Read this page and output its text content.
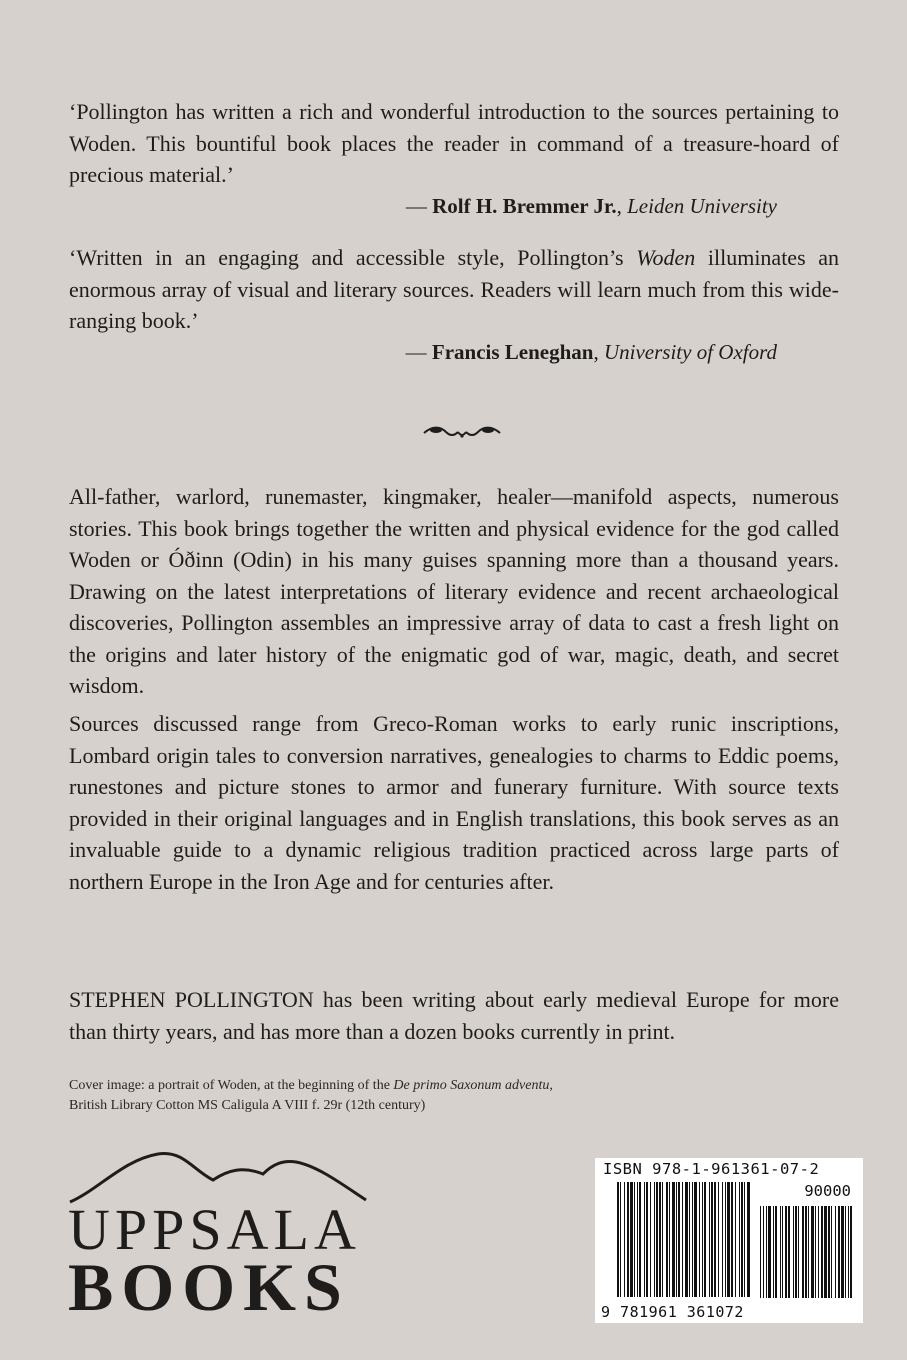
‘Pollington has written a rich and wonderful introduction to the sources pertaining to Woden. This bountiful book places the reader in command of a treasure-hoard of precious material.’

— Rolf H. Bremmer Jr., Leiden University

‘Written in an engaging and accessible style, Pollington’s Woden illuminates an enormous array of visual and literary sources. Readers will learn much from this wide-ranging book.’

— Francis Leneghan, University of Oxford

All-father, warlord, runemaster, kingmaker, healer—manifold aspects, numerous stories. This book brings together the written and physical evidence for the god called Woden or Óðinn (Odin) in his many guises spanning more than a thousand years. Drawing on the latest interpretations of literary evidence and recent archaeological discoveries, Pollington assembles an impressive array of data to cast a fresh light on the origins and later history of the enigmatic god of war, magic, death, and secret wisdom.

Sources discussed range from Greco-Roman works to early runic inscriptions, Lombard origin tales to conversion narratives, genealogies to charms to Eddic poems, runestones and picture stones to armor and funerary furniture. With source texts provided in their original languages and in English translations, this book serves as an invaluable guide to a dynamic religious tradition practiced across large parts of northern Europe in the Iron Age and for centuries after.

STEPHEN POLLINGTON has been writing about early medieval Europe for more than thirty years, and has more than a dozen books currently in print.

Cover image: a portrait of Woden, at the beginning of the De primo Saxonum adventu,
British Library Cotton MS Caligula A VIII f. 29r (12th century)
UPPSALA
BOOKS
ISBN 978-1-961361-07-2
90000
9 781961 361072
